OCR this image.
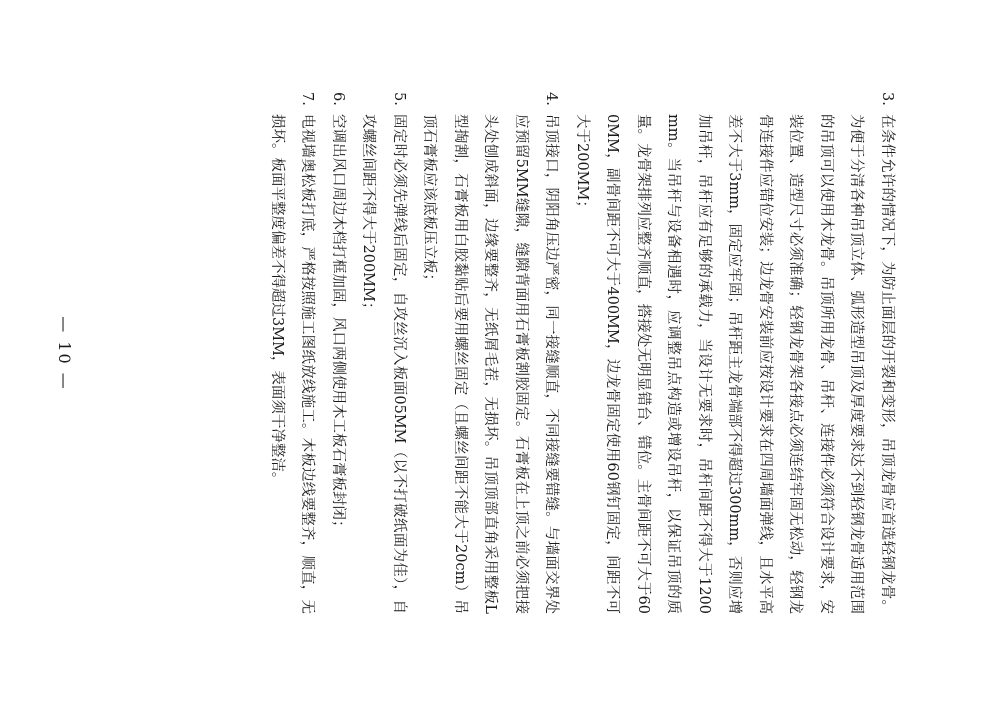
3.
在条件允许的情况下，为防止面层的开裂和变形，吊顶龙骨应首选轻钢龙骨。为便于分清各种吊顶立体、弧形造型吊顶及厚度要求达不到轻钢龙骨适用范围的吊顶可以使用木龙骨。吊顶所用龙骨、吊杆、连接件必须符合设计要求，安装位置、造型尺寸必须准确；轻钢龙骨架各接点必须连结牢固无松动，轻钢龙骨连接件应错位安装；边龙骨安装前应按设计要求在四周墙面弹线，且水平高差不大于3mm，固定应牢固；吊杆距主龙骨端部不得超过300mm，否则应增加吊杆，吊杆应有足够的承载力，当设计无要求时，吊杆间距不得大于1200mm。当吊杆与设备相遇时，应调整吊点构造或增设吊杆，以保证吊顶的质量。龙骨架排列应整齐顺直，搭接处无明显错台、错位。主骨间距不可大于600MM，副骨间距不可大于400MM，边龙骨固定使用60钢钉固定，间距不可大于200MM；
4.
吊顶接口，阴阳角压边严密，同一接缝顺直，不同接缝要错缝。与墙面交界处应预留5MM缝隙，缝隙背面用石膏板割胶固定。石膏板在上顶之前必须把接头处刨成斜面，边缘要整齐，无纸屑毛茬，无损坏。吊顶顶部直角采用整板L型掏割，石膏板用白胶黏贴后要用螺丝固定（且螺丝间距不能大于20cm）吊顶石膏板应该底板压立板；
5.
固定时必须先弹线后固定，自攻丝沉入板面05MM（以不打破纸面为佳），自攻螺丝间距不得大于200MM；
6.
空调出风口周边木档打框加固，风口两侧使用木工板石膏板封闭；
7.
电视墙奥松板打底，严格按照施工图纸放线施工。木板边线要整齐，顺直，无损坏。板面平整度偏差不得超过3MM，表面须干净整洁。
— 10 —
